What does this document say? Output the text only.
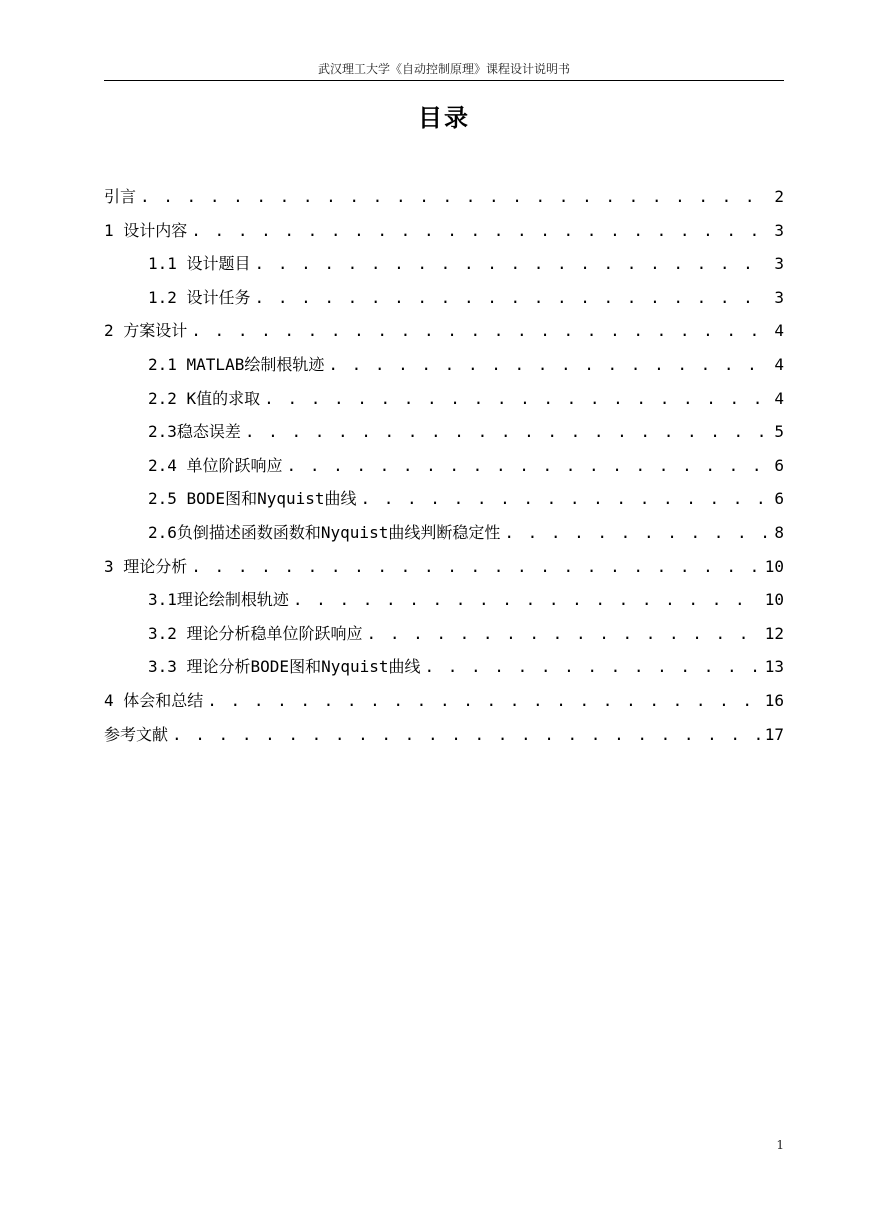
武汉理工大学《自动控制原理》课程设计说明书
目录
引言 . . .	2
1 设计内容 . . .	3
1.1 设计题目 . . .	3
1.2 设计任务 . . .	3
2 方案设计 . . .	4
2.1 MATLAB绘制根轨迹 . . .	4
2.2 K值的求取 . . .	4
2.3稳态误差 . . .	5
2.4 单位阶跃响应 . . .	6
2.5 BODE图和Nyquist曲线 . . .	6
2.6负倒描述函数函数和Nyquist曲线判断稳定性 . . .	8
3 理论分析 . . .	10
3.1理论绘制根轨迹 . . .	10
3.2 理论分析稳单位阶跃响应 . . .	12
3.3 理论分析BODE图和Nyquist曲线 . . .	13
4 体会和总结 . . .	16
参考文献 . . .	17
1
